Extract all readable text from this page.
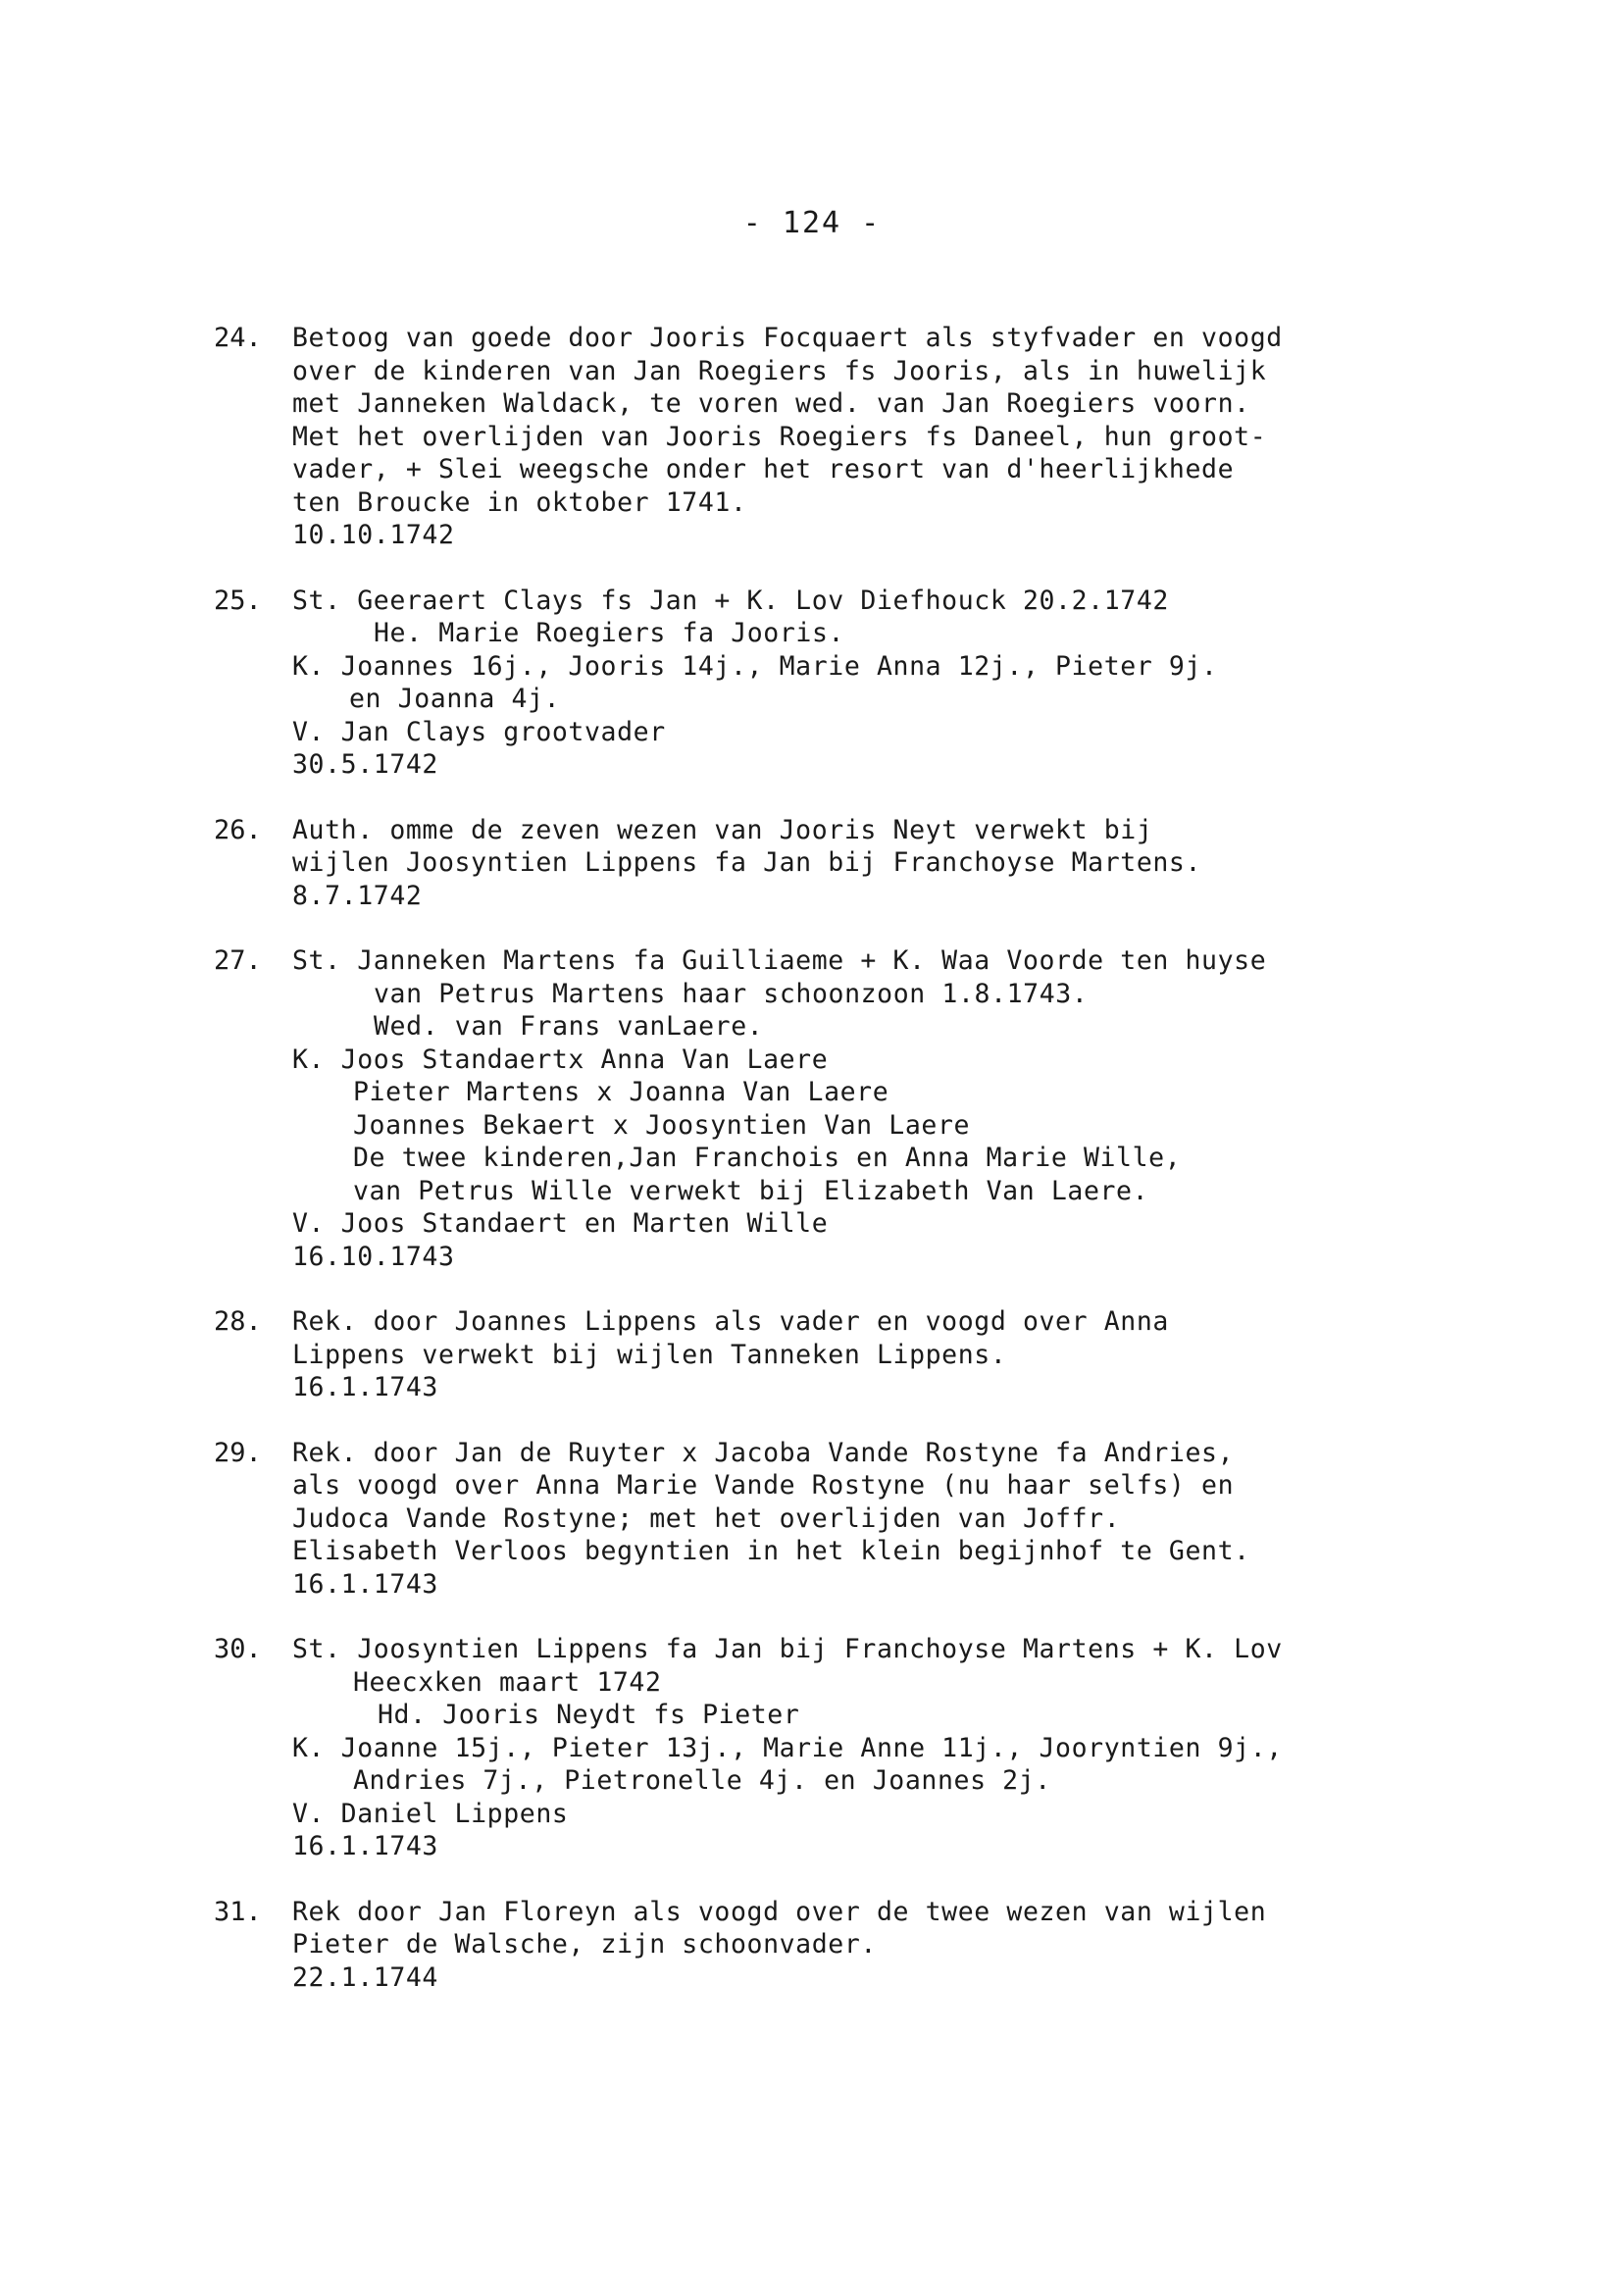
- 124 -
24.	Betoog van goede door Jooris Focquaert als styfvader en voogd
over de kinderen van Jan Roegiers fs Jooris, als in huwelijk
met Janneken Waldack, te voren wed. van Jan Roegiers voorn.
Met het overlijden van Jooris Roegiers fs Daneel, hun groot-
vader, + Slei weegsche onder het resort van d'heerlijkhede
ten Broucke in oktober 1741.
10.10.1742
25.	St. Geeraert Clays fs Jan + K. Lov Diefhouck 20.2.1742
He. Marie Roegiers fa Jooris.
K. Joannes 16j., Jooris 14j., Marie Anna 12j., Pieter 9j.
en Joanna 4j.
V. Jan Clays grootvader
30.5.1742
26.	Auth. omme de zeven wezen van Jooris Neyt verwekt bij
wijlen Joosyntien Lippens fa Jan bij Franchoyse Martens.
8.7.1742
27.	St. Janneken Martens fa Guilliaeme + K. Waa Voorde ten huyse
van Petrus Martens haar schoonzoon 1.8.1743.
Wed. van Frans vanLaere.
K. Joos Standaertx Anna Van Laere
Pieter Martens x Joanna Van Laere
Joannes Bekaert x Joosyntien Van Laere
De twee kinderen,Jan Franchois en Anna Marie Wille,
van Petrus Wille verwekt bij Elizabeth Van Laere.
V. Joos Standaert en Marten Wille
16.10.1743
28.	Rek. door Joannes Lippens als vader en voogd over Anna
Lippens verwekt bij wijlen Tanneken Lippens.
16.1.1743
29.	Rek. door Jan de Ruyter x Jacoba Vande Rostyne fa Andries,
als voogd over Anna Marie Vande Rostyne (nu haar selfs) en
Judoca Vande Rostyne; met het overlijden van Joffr.
Elisabeth Verloos begyntien in het klein begijnhof te Gent.
16.1.1743
30.	St. Joosyntien Lippens fa Jan bij Franchoyse Martens + K. Lov
Heecxken maart 1742
Hd. Jooris Neydt fs Pieter
K. Joanne 15j., Pieter 13j., Marie Anne 11j., Jooryntien 9j.,
Andries 7j., Pietronelle 4j. en Joannes 2j.
V. Daniel Lippens
16.1.1743
31.	Rek door Jan Floreyn als voogd over de twee wezen van wijlen
Pieter de Walsche, zijn schoonvader.
22.1.1744
